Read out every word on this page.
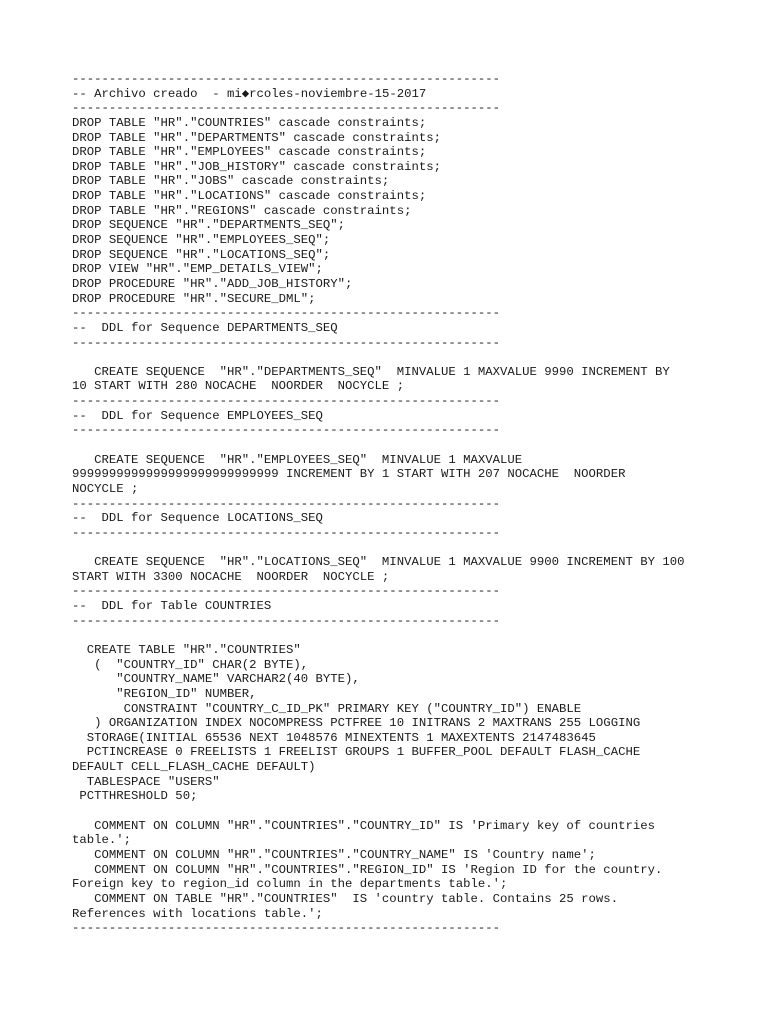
----------------------------------------------------------
-- Archivo creado  - mi◆rcoles-noviembre-15-2017
----------------------------------------------------------
DROP TABLE "HR"."COUNTRIES" cascade constraints;
DROP TABLE "HR"."DEPARTMENTS" cascade constraints;
DROP TABLE "HR"."EMPLOYEES" cascade constraints;
DROP TABLE "HR"."JOB_HISTORY" cascade constraints;
DROP TABLE "HR"."JOBS" cascade constraints;
DROP TABLE "HR"."LOCATIONS" cascade constraints;
DROP TABLE "HR"."REGIONS" cascade constraints;
DROP SEQUENCE "HR"."DEPARTMENTS_SEQ";
DROP SEQUENCE "HR"."EMPLOYEES_SEQ";
DROP SEQUENCE "HR"."LOCATIONS_SEQ";
DROP VIEW "HR"."EMP_DETAILS_VIEW";
DROP PROCEDURE "HR"."ADD_JOB_HISTORY";
DROP PROCEDURE "HR"."SECURE_DML";
----------------------------------------------------------
--  DDL for Sequence DEPARTMENTS_SEQ
----------------------------------------------------------
CREATE SEQUENCE  "HR"."DEPARTMENTS_SEQ"  MINVALUE 1 MAXVALUE 9990 INCREMENT BY
10 START WITH 280 NOCACHE  NOORDER  NOCYCLE ;
----------------------------------------------------------
--  DDL for Sequence EMPLOYEES_SEQ
----------------------------------------------------------
CREATE SEQUENCE  "HR"."EMPLOYEES_SEQ"  MINVALUE 1 MAXVALUE
9999999999999999999999999999 INCREMENT BY 1 START WITH 207 NOCACHE  NOORDER
NOCYCLE ;
----------------------------------------------------------
--  DDL for Sequence LOCATIONS_SEQ
----------------------------------------------------------
CREATE SEQUENCE  "HR"."LOCATIONS_SEQ"  MINVALUE 1 MAXVALUE 9900 INCREMENT BY 100
START WITH 3300 NOCACHE  NOORDER  NOCYCLE ;
----------------------------------------------------------
--  DDL for Table COUNTRIES
----------------------------------------------------------
CREATE TABLE "HR"."COUNTRIES"
(  "COUNTRY_ID" CHAR(2 BYTE),
"COUNTRY_NAME" VARCHAR2(40 BYTE),
"REGION_ID" NUMBER,
CONSTRAINT "COUNTRY_C_ID_PK" PRIMARY KEY ("COUNTRY_ID") ENABLE
) ORGANIZATION INDEX NOCOMPRESS PCTFREE 10 INITRANS 2 MAXTRANS 255 LOGGING
STORAGE(INITIAL 65536 NEXT 1048576 MINEXTENTS 1 MAXEXTENTS 2147483645
PCTINCREASE 0 FREELISTS 1 FREELIST GROUPS 1 BUFFER_POOL DEFAULT FLASH_CACHE
DEFAULT CELL_FLASH_CACHE DEFAULT)
TABLESPACE "USERS"
PCTTHRESHOLD 50;
COMMENT ON COLUMN "HR"."COUNTRIES"."COUNTRY_ID" IS 'Primary key of countries
table.';
COMMENT ON COLUMN "HR"."COUNTRIES"."COUNTRY_NAME" IS 'Country name';
COMMENT ON COLUMN "HR"."COUNTRIES"."REGION_ID" IS 'Region ID for the country.
Foreign key to region_id column in the departments table.';
COMMENT ON TABLE "HR"."COUNTRIES"  IS 'country table. Contains 25 rows.
References with locations table.';
----------------------------------------------------------
